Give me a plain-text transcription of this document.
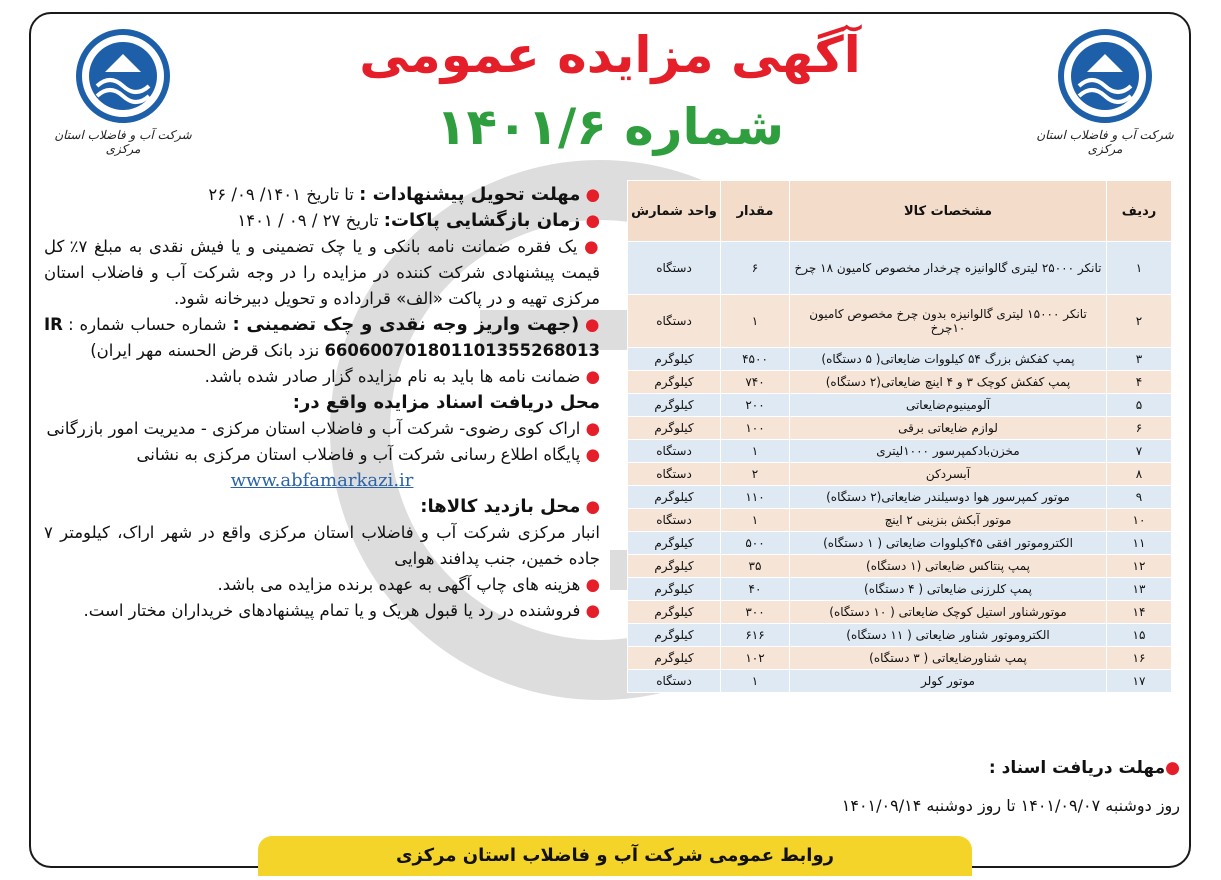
شرکت آب و فاضلاب استان مرکزی
شرکت آب و فاضلاب استان مرکزی
آگهی مزایده عمومی
شماره ۱۴۰۱/۶
ردیف	مشخصات کالا	مقدار	واحد شمارش
۱	تانکر ۲۵۰۰۰ لیتری گالوانیزه چرخدار مخصوص کامیون ۱۸ چرخ	۶	دستگاه
۲	تانکر ۱۵۰۰۰ لیتری گالوانیزه بدون چرخ مخصوص کامیون ۱۰چرخ	۱	دستگاه
۳	پمپ کفکش بزرگ ۵۴ کیلووات ضایعاتی( ۵ دستگاه)	۴۵۰۰	کیلوگرم
۴	پمپ کفکش کوچک ۳ و ۴ اینچ ضایعاتی(۲ دستگاه)	۷۴۰	کیلوگرم
۵	آلومینیوم‌ضایعاتی	۲۰۰	کیلوگرم
۶	لوازم ضایعاتی برقی	۱۰۰	کیلوگرم
۷	مخزن‌بادکمپرسور ۱۰۰۰لیتری	۱	دستگاه
۸	آبسردکن	۲	دستگاه
۹	موتور کمپرسور هوا دوسیلندر ضایعاتی(۲ دستگاه)	۱۱۰	کیلوگرم
۱۰	موتور آبکش بنزینی ۲ اینچ	۱	دستگاه
۱۱	الکتروموتور افقی ۴۵کیلووات ضایعاتی ( ۱ دستگاه)	۵۰۰	کیلوگرم
۱۲	پمپ پنتاکس ضایعاتی (۱ دستگاه)	۳۵	کیلوگرم
۱۳	پمپ کلرزنی ضایعاتی ( ۴ دستگاه)	۴۰	کیلوگرم
۱۴	موتورشناور استیل کوچک ضایعاتی ( ۱۰ دستگاه)	۳۰۰	کیلوگرم
۱۵	الکتروموتور شناور ضایعاتی ( ۱۱ دستگاه)	۶۱۶	کیلوگرم
۱۶	پمپ شناورضایعاتی ( ۳ دستگاه)	۱۰۲	کیلوگرم
۱۷	موتور کولر	۱	دستگاه
●مهلت دریافت اسناد :
روز دوشنبه ۱۴۰۱/۰۹/۰۷ تا روز دوشنبه ۱۴۰۱/۰۹/۱۴

● مهلت تحویل پیشنهادات : تا تاریخ ۱۴۰۱/ ۰۹/ ۲۶

● زمان بازگشایی پاکات: تاریخ ۲۷ / ۰۹ / ۱۴۰۱

● یک فقره ضمانت نامه بانکی و یا چک تضمینی و یا فیش نقدی به مبلغ ۷٪ کل قیمت پیشنهادی شرکت کننده در مزایده را در وجه شرکت آب و فاضلاب استان مرکزی تهیه و در پاکت «الف» قرارداده و تحویل دبیرخانه شود.

● (جهت واریز وجه نقدی و چک تضمینی : شماره حساب شماره : IR 660600701801101355268013 نزد بانک قرض الحسنه مهر ایران)

● ضمانت نامه ها باید به نام مزایده گزار صادر شده باشد.

محل دریافت اسناد مزایده واقع در:

● اراک کوی رضوی- شرکت آب و فاضلاب استان مرکزی - مدیریت امور بازرگانی

● پایگاه اطلاع رسانی شرکت آب و فاضلاب استان مرکزی به نشانی

www.abfamarkazi.ir

● محل بازدید کالاها:

انبار مرکزی شرکت آب و فاضلاب استان مرکزی واقع در شهر اراک، کیلومتر ۷ جاده خمین، جنب پدافند هوایی

● هزینه های چاپ آگهی به عهده برنده مزایده می باشد.

● فروشنده در رد یا قبول هریک و یا تمام پیشنهادهای خریداران مختار است.

روابط عمومی شرکت آب و فاضلاب استان مرکزی
